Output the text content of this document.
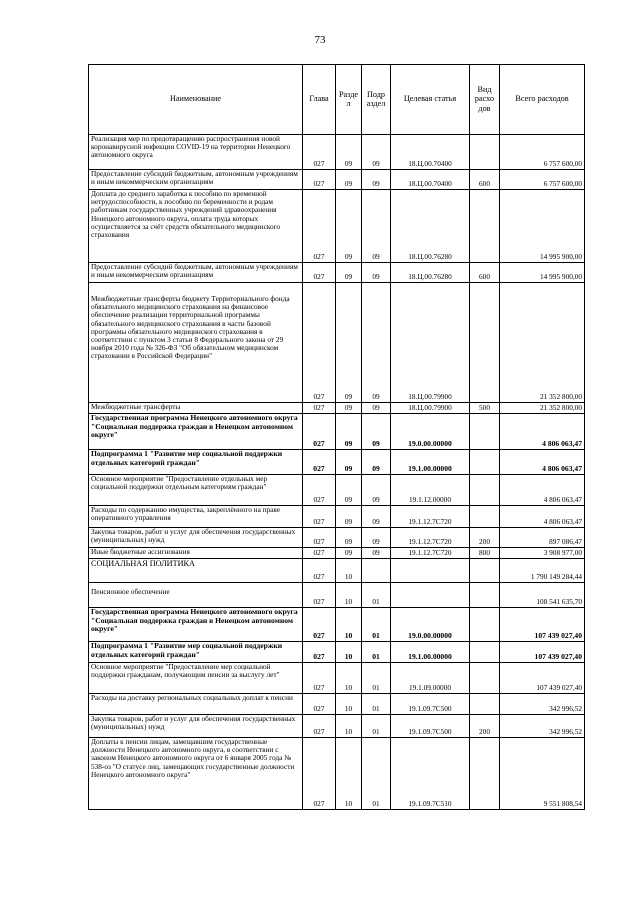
73
Наименование	Глава	Разде л	Подр аздел	Целевая статья	Вид расхо дов	Всего расходов
Реализация мер по предотвращению распространения новой коронавирусной инфекции COVID-19 на территории Ненецкого автономного округа	027	09	09	18.Ц.00.70400		6 757 600,00
Предоставление субсидий бюджетным, автономным учреждениям и иным некоммерческим организациям	027	09	09	18.Ц.00.70400	600	6 757 600,00
Доплата до среднего заработка к пособию по временной нетрудоспособности, к пособию по беременности и родам работникам государственных учреждений здравоохранения Ненецкого автономного округа, оплата труда которых осуществляется за счёт средств обязательного медицинского страхования	027	09	09	18.Ц.00.76280		14 995 900,00
Предоставление субсидий бюджетным, автономным учреждениям и иным некоммерческим организациям	027	09	09	18.Ц.00.76280	600	14 995 900,00
Межбюджетные трансферты бюджету Территориального фонда обязательного медицинского страхования на финансовое обеспечение реализации территориальной программы обязательного медицинского страхования в части базовой программы обязательного медицинского страхования в соответствии с пунктом 3 статьи 8 Федерального закона от 29 ноября 2010 года № 326-ФЗ "Об обязательном медицинском страховании в Российской Федерации"	027	09	09	18.Ц.00.79900		21 352 800,00
Межбюджетные трансферты	027	09	09	18.Ц.00.79900	500	21 352 800,00
Государственная программа Ненецкого автономного округа "Социальная поддержка граждан в Ненецком автономном округе"	027	09	09	19.0.00.00000		4 806 063,47
Подпрограмма 1 "Развитие мер социальной поддержки отдельных категорий граждан"	027	09	09	19.1.00.00000		4 806 063,47
Основное мероприятие "Предоставление отдельных мер социальной поддержки отдельным категориям граждан"	027	09	09	19.1.12.00000		4 806 063,47
Расходы по содержанию имущества, закреплённого на праве оперативного управления	027	09	09	19.1.12.7С720		4 806 063,47
Закупка товаров, работ и услуг для обеспечения государственных (муниципальных) нужд	027	09	09	19.1.12.7С720	200	897 086,47
Иные бюджетные ассигнования	027	09	09	19.1.12.7С720	800	3 908 977,00
СОЦИАЛЬНАЯ ПОЛИТИКА	027	10				1 790 149 284,44
Пенсионное обеспечение	027	10	01			108 541 635,70
Государственная программа Ненецкого автономного округа "Социальная поддержка граждан в Ненецком автономном округе"	027	10	01	19.0.00.00000		107 439 027,40
Подпрограмма 1 "Развитие мер социальной поддержки отдельных категорий граждан"	027	10	01	19.1.00.00000		107 439 027,40
Основное мероприятие "Предоставление мер социальной поддержки гражданам, получающим пенсии за выслугу лет"	027	10	01	19.1.09.00000		107 439 027,40
Расходы на доставку региональных социальных доплат к пенсии	027	10	01	19.1.09.7С500		342 996,52
Закупка товаров, работ и услуг для обеспечения государственных (муниципальных) нужд	027	10	01	19.1.09.7С500	200	342 996,52
Доплаты к пенсии лицам, замещавшим государственные должности Ненецкого автономного округа, в соответствии с законом Ненецкого автономного округа от 6 января 2005 года № 538-оз "О статусе лиц, замещающих государственные должности Ненецкого автономного округа"	027	10	01	19.1.09.7С510		9 551 808,54
